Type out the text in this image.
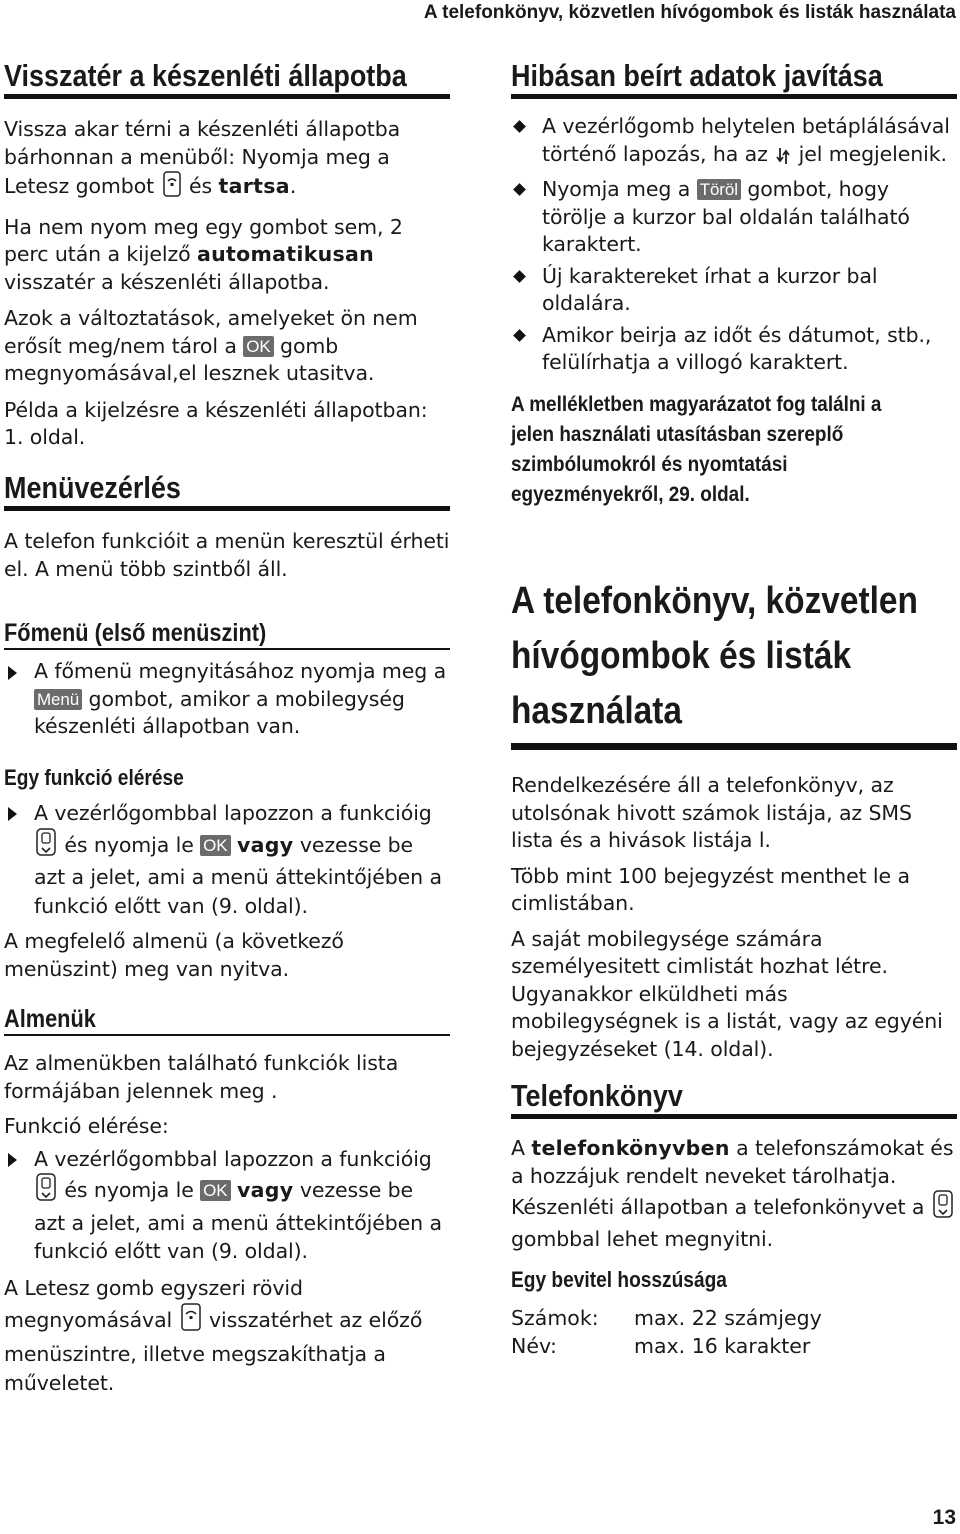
A telefonkönyv, közvetlen hívógombok és listák használata
Visszatér a készenléti állapotba

Vissza akar térni a készenléti állapotba bárhonnan a menüből: Nyomja meg a Letesz gombot és tartsa.

Ha nem nyom meg egy gombot sem, 2 perc után a kijelző automatikusan visszatér a készenléti állapotba.

Azok a változtatások, amelyeket ön nem erősít meg/nem tárol a OK gomb megnyomásával,el lesznek utasitva.

Példa a kijelzésre a készenléti állapotban: 1. oldal.

Menüvezérlés

A telefon funkcióit a menün keresztül érheti el. A menü több szintből áll.

Főmenü (első menüszint)
A főmenü megnyitásához nyomja meg a Menü gombot, amikor a mobilegység készenléti állapotban van.
Egy funkció elérése
A vezérlőgombbal lapozzon a funkcióig  és nyomja le OK vagy vezesse be azt a jelet, ami a menü áttekintőjében a funkció előtt van (9. oldal).

A megfelelő almenü (a következő menüszint) meg van nyitva.

Almenük

Az almenükben található funkciók lista formájában jelennek meg .

Funkció elérése:

A vezérlőgombbal lapozzon a funkcióig  és nyomja le OK vagy vezesse be azt a jelet, ami a menü áttekintőjében a funkció előtt van (9. oldal).

A Letesz gomb egyszeri rövid megnyomásával visszatérhet az előző menüszintre, illetve megszakíthatja a műveletet.

Hibásan beírt adatok javítása
A vezérlőgomb helytelen betáplálásával történő lapozás, ha az jel megjelenik.
Nyomja meg a Töröl gombot, hogy törölje a kurzor bal oldalán található karaktert.
Új karaktereket írhat a kurzor bal oldalára.
Amikor beirja az időt és dátumot, stb., felülírhatja a villogó karaktert.

A mellékletben magyarázatot fog találni a

jelen használati utasításban szereplő

szimbólumokról és nyomtatási

egyezményekről, 29. oldal.

A telefonkönyv, közvetlen
hívógombok és listák
használata

Rendelkezésére áll a telefonkönyv, az utolsónak hivott számok listája, az SMS lista és a hivások listája l.

Több mint 100 bejegyzést menthet le a cimlistában.

A saját mobilegysége számára személyesitett cimlistát hozhat létre. Ugyanakkor elküldheti más mobilegységnek is a listát, vagy az egyéni bejegyzéseket (14. oldal).

Telefonkönyv

A telefonkönyvben a telefonszámokat és a hozzájuk rendelt neveket tárolhatja. Készenléti állapotban a telefonkönyvet a  gombbal lehet megnyitni.

Egy bevitel hosszúsága
Számok:	max. 22 számjegy
Név:	max. 16 karakter
13
